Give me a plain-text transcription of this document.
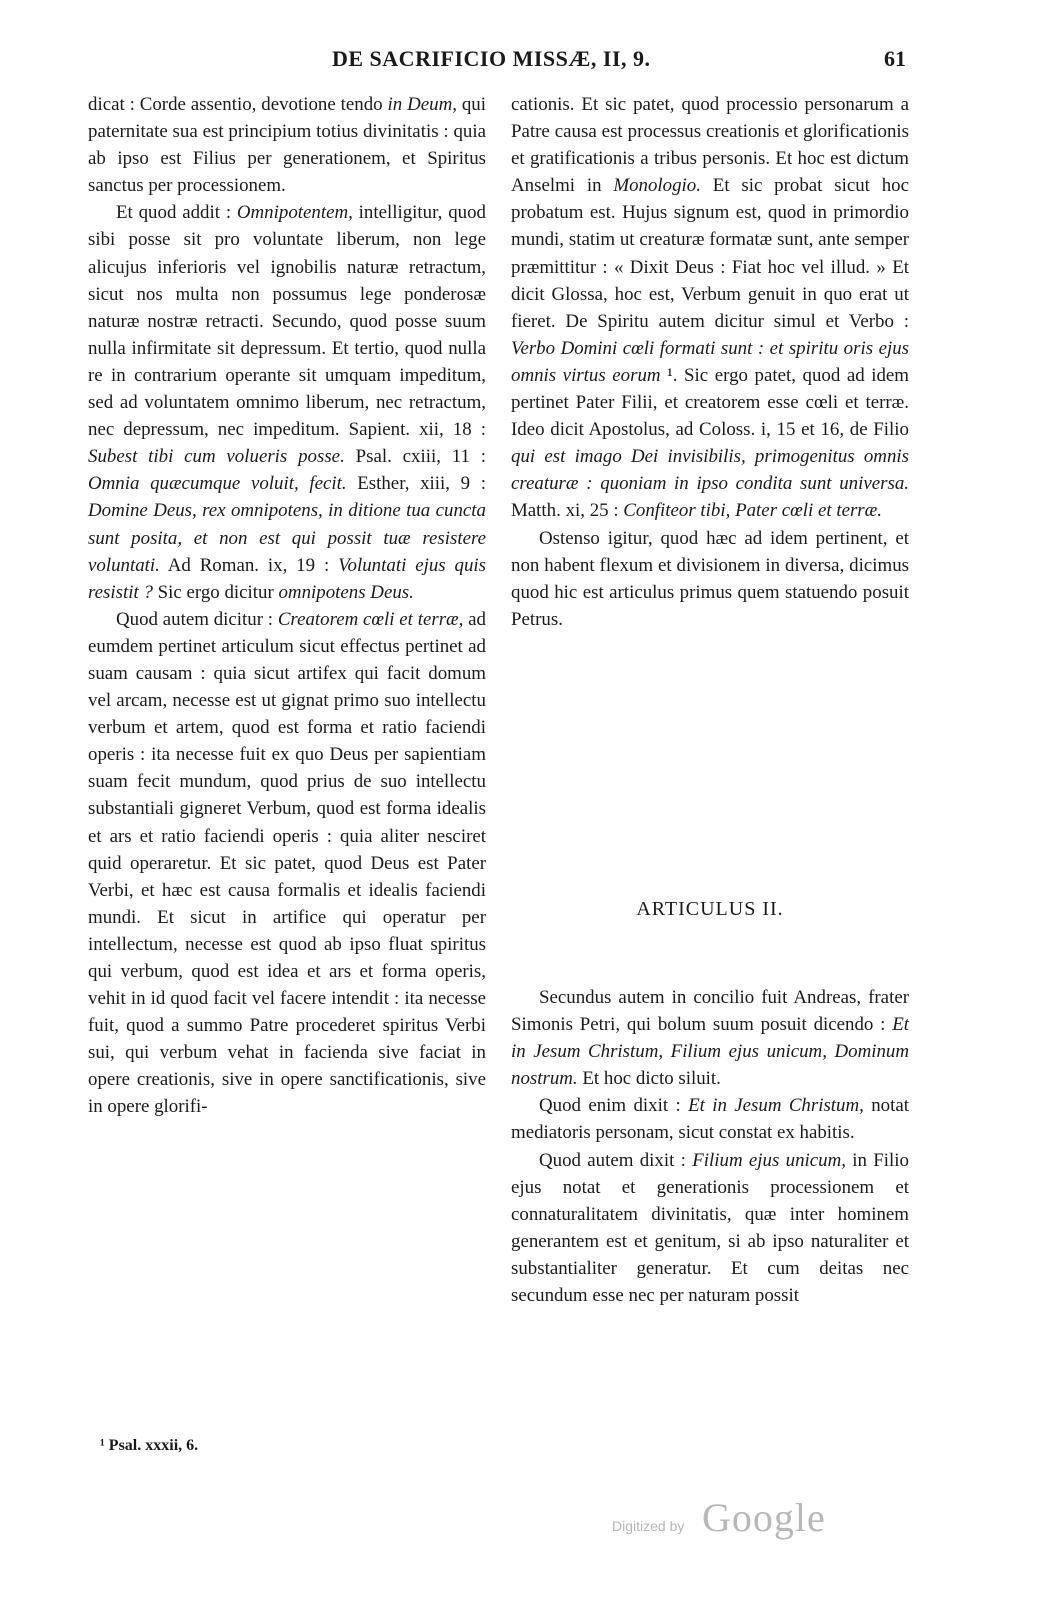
DE SACRIFICIO MISSÆ, II, 9.	61

dicat : Corde assentio, devotione tendo in Deum, qui paternitate sua est principium totius divinitatis : quia ab ipso est Filius per generationem, et Spiritus sanctus per processionem.

Et quod addit : Omnipotentem, intelligitur, quod sibi posse sit pro voluntate liberum, non lege alicujus inferioris vel ignobilis naturæ retractum, sicut nos multa non possumus lege ponderosæ naturæ nostræ retracti. Secundo, quod posse suum nulla infirmitate sit depressum. Et tertio, quod nulla re in contrarium operante sit umquam impeditum, sed ad voluntatem omnimo liberum, nec retractum, nec depressum, nec impeditum. Sapient. xii, 18 : Subest tibi cum volueris posse. Psal. cxiii, 11 : Omnia quæcumque voluit, fecit. Esther, xiii, 9 : Domine Deus, rex omnipotens, in ditione tua cuncta sunt posita, et non est qui possit tuæ resistere voluntati. Ad Roman. ix, 19 : Voluntati ejus quis resistit ? Sic ergo dicitur omnipotens Deus.

Quod autem dicitur : Creatorem cœli et terræ, ad eumdem pertinet articulum sicut effectus pertinet ad suam causam : quia sicut artifex qui facit domum vel arcam, necesse est ut gignat primo suo intellectu verbum et artem, quod est forma et ratio faciendi operis : ita necesse fuit ex quo Deus per sapientiam suam fecit mundum, quod prius de suo intellectu substantiali gigneret Verbum, quod est forma idealis et ars et ratio faciendi operis : quia aliter nesciret quid operaretur. Et sic patet, quod Deus est Pater Verbi, et hæc est causa formalis et idealis faciendi mundi. Et sicut in artifice qui operatur per intellectum, necesse est quod ab ipso fluat spiritus qui verbum, quod est idea et ars et forma operis, vehit in id quod facit vel facere intendit : ita necesse fuit, quod a summo Patre procederet spiritus Verbi sui, qui verbum vehat in facienda sive faciat in opere creationis, sive in opere sanctificationis, sive in opere glorifi-

cationis. Et sic patet, quod processio personarum a Patre causa est processus creationis et glorificationis et gratificationis a tribus personis. Et hoc est dictum Anselmi in Monologio. Et sic probat sicut hoc probatum est. Hujus signum est, quod in primordio mundi, statim ut creaturæ formatæ sunt, ante semper præmittitur : « Dixit Deus : Fiat hoc vel illud. » Et dicit Glossa, hoc est, Verbum genuit in quo erat ut fieret. De Spiritu autem dicitur simul et Verbo : Verbo Domini cœli formati sunt : et spiritu oris ejus omnis virtus eorum ¹. Sic ergo patet, quod ad idem pertinet Pater Filii, et creatorem esse cœli et terræ. Ideo dicit Apostolus, ad Coloss. i, 15 et 16, de Filio qui est imago Dei invisibilis, primogenitus omnis creaturæ : quoniam in ipso condita sunt universa. Matth. xi, 25 : Confiteor tibi, Pater cœli et terræ.

Ostenso igitur, quod hæc ad idem pertinent, et non habent flexum et divisionem in diversa, dicimus quod hic est articulus primus quem statuendo posuit Petrus.

ARTICULUS II.

Secundus autem in concilio fuit Andreas, frater Simonis Petri, qui bolum suum posuit dicendo : Et in Jesum Christum, Filium ejus unicum, Dominum nostrum. Et hoc dicto siluit.

Quod enim dixit : Et in Jesum Christum, notat mediatoris personam, sicut constat ex habitis.

Quod autem dixit : Filium ejus unicum, in Filio ejus notat et generationis processionem et connaturalitatem divinitatis, quæ inter hominem generantem est et genitum, si ab ipso naturaliter et substantialiter generatur. Et cum deitas nec secundum esse nec per naturam possit

¹ Psal. xxxii, 6.
Digitized by Google
